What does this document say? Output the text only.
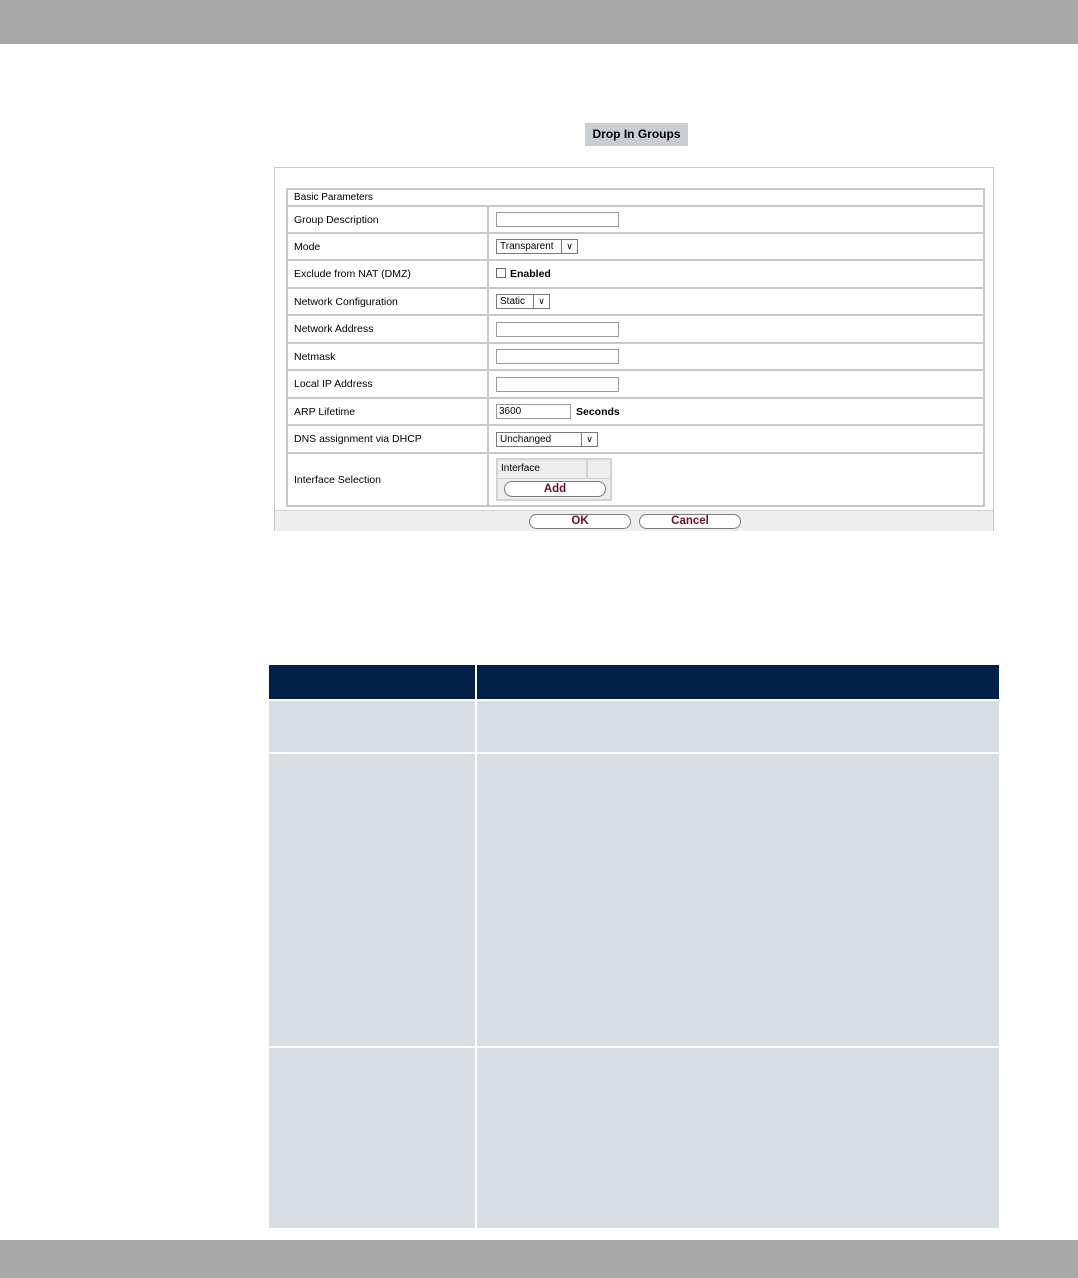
Drop In Groups
Basic Parameters
Group Description
Mode	Transparent	∨
Exclude from NAT (DMZ)	Enabled
Network Configuration	Static	∨
Network Address
Netmask
Local IP Address
ARP Lifetime	3600	Seconds
DNS assignment via DHCP	Unchanged	∨
Interface Selection
Interface
Add
OK	Cancel
